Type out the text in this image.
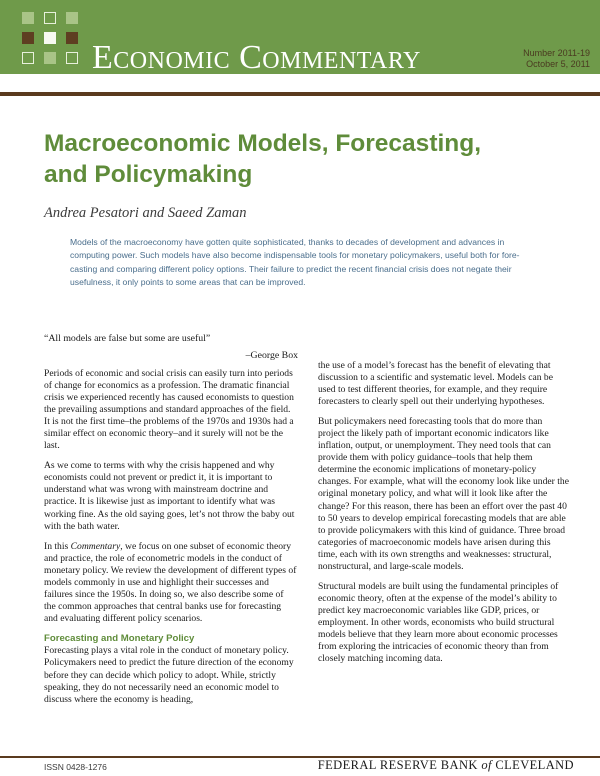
Economic Commentary	Number 2011-19
October 5, 2011
Macroeconomic Models, Forecasting,
and Policymaking
Andrea Pesatori and Saeed Zaman

Models of the macroeconomy have gotten quite sophisticated, thanks to decades of development and advances in computing power. Such models have also become indispensable tools for monetary policymakers, useful both for fore-casting and comparing different policy options. Their failure to predict the recent financial crisis does not negate their usefulness, it only points to some areas that can be improved.

“All models are false but some are useful”

–George Box

Periods of economic and social crisis can easily turn into periods of change for economics as a profession. The dramatic financial crisis we experienced recently has caused economists to question the prevailing assumptions and standard approaches of the field. It is not the first time–the problems of the 1970s and 1930s had a similar effect on economic theory–and it surely will not be the last.

As we come to terms with why the crisis happened and why economists could not prevent or predict it, it is important to understand what was wrong with mainstream doctrine and practice. It is likewise just as important to identify what was working fine. As the old saying goes, let’s not throw the baby out with the bath water.

In this Commentary, we focus on one subset of economic theory and practice, the role of econometric models in the conduct of monetary policy. We review the development of different types of models commonly in use and highlight their successes and failures since the 1950s. In doing so, we also describe some of the common approaches that central banks use for forecasting and evaluating different policy scenarios.

Forecasting and Monetary Policy

Forecasting plays a vital role in the conduct of monetary policy. Policymakers need to predict the future direction of the economy before they can decide which policy to adopt. While, strictly speaking, they do not necessarily need an economic model to discuss where the economy is heading,

the use of a model’s forecast has the benefit of elevating that discussion to a scientific and systematic level. Models can be used to test different theories, for example, and they require forecasters to clearly spell out their underlying hypotheses.

But policymakers need forecasting tools that do more than project the likely path of important economic indicators like inflation, output, or unemployment. They need tools that can provide them with policy guidance–tools that help them determine the economic implications of monetary-policy changes. For example, what will the economy look like under the original monetary policy, and what will it look like after the change? For this reason, there has been an effort over the past 40 to 50 years to develop empirical forecasting models that are able to provide policymakers with this kind of guidance. Three broad categories of macroeconomic models have arisen during this time, each with its own strengths and weaknesses: structural, nonstructural, and large-scale models.

Structural models are built using the fundamental principles of economic theory, often at the expense of the model’s ability to predict key macroeconomic variables like GDP, prices, or employment. In other words, economists who build structural models believe that they learn more about economic processes from exploring the intricacies of economic theory than from closely matching incoming data.

ISSN 0428-1276	FEDERAL RESERVE BANK of CLEVELAND
